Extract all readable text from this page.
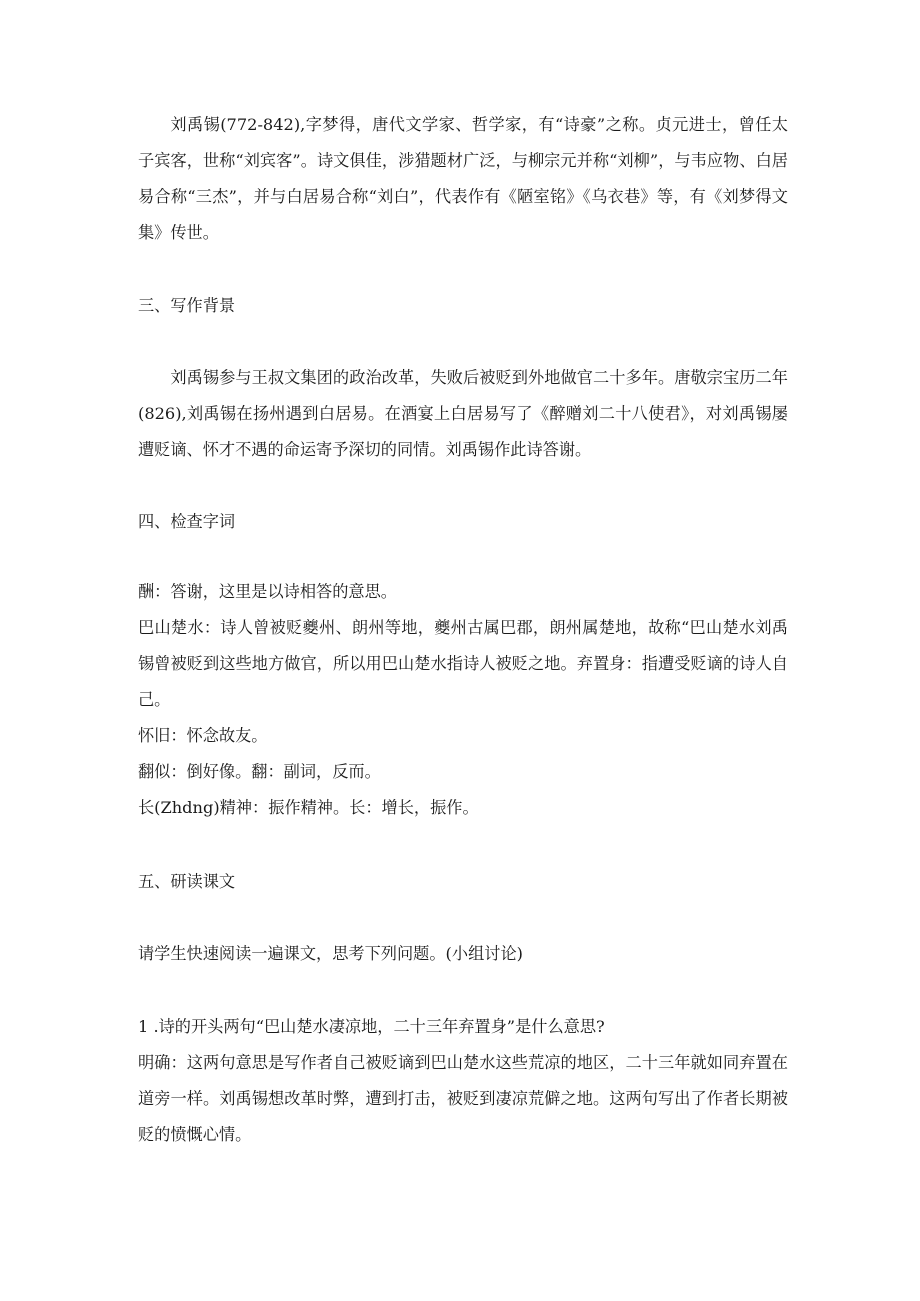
刘禹锡(772-842),字梦得，唐代文学家、哲学家，有“诗豪”之称。贞元进士，曾任太子宾客，世称“刘宾客”。诗文俱佳，涉猎题材广泛，与柳宗元并称“刘柳”，与韦应物、白居易合称“三杰”，并与白居易合称“刘白”，代表作有《陋室铭》《乌衣巷》等，有《刘梦得文集》传世。

三、写作背景

刘禹锡参与王叔文集团的政治改革，失败后被贬到外地做官二十多年。唐敬宗宝历二年(826),刘禹锡在扬州遇到白居易。在酒宴上白居易写了《醉赠刘二十八使君》，对刘禹锡屡遭贬谪、怀才不遇的命运寄予深切的同情。刘禹锡作此诗答谢。

四、检查字词

酬：答谢，这里是以诗相答的意思。

巴山楚水：诗人曾被贬夔州、朗州等地，夔州古属巴郡，朗州属楚地，故称“巴山楚水刘禹锡曾被贬到这些地方做官，所以用巴山楚水指诗人被贬之地。弃置身：指遭受贬谪的诗人自己。

怀旧：怀念故友。

翻似：倒好像。翻：副词，反而。

长(Zhdng)精神：振作精神。长：增长，振作。

五、研读课文

请学生快速阅读一遍课文，思考下列问题。(小组讨论)

1 .诗的开头两句“巴山楚水凄凉地，二十三年弃置身”是什么意思?

明确：这两句意思是写作者自己被贬谪到巴山楚水这些荒凉的地区，二十三年就如同弃置在道旁一样。刘禹锡想改革时弊，遭到打击，被贬到凄凉荒僻之地。这两句写出了作者长期被贬的愤慨心情。
